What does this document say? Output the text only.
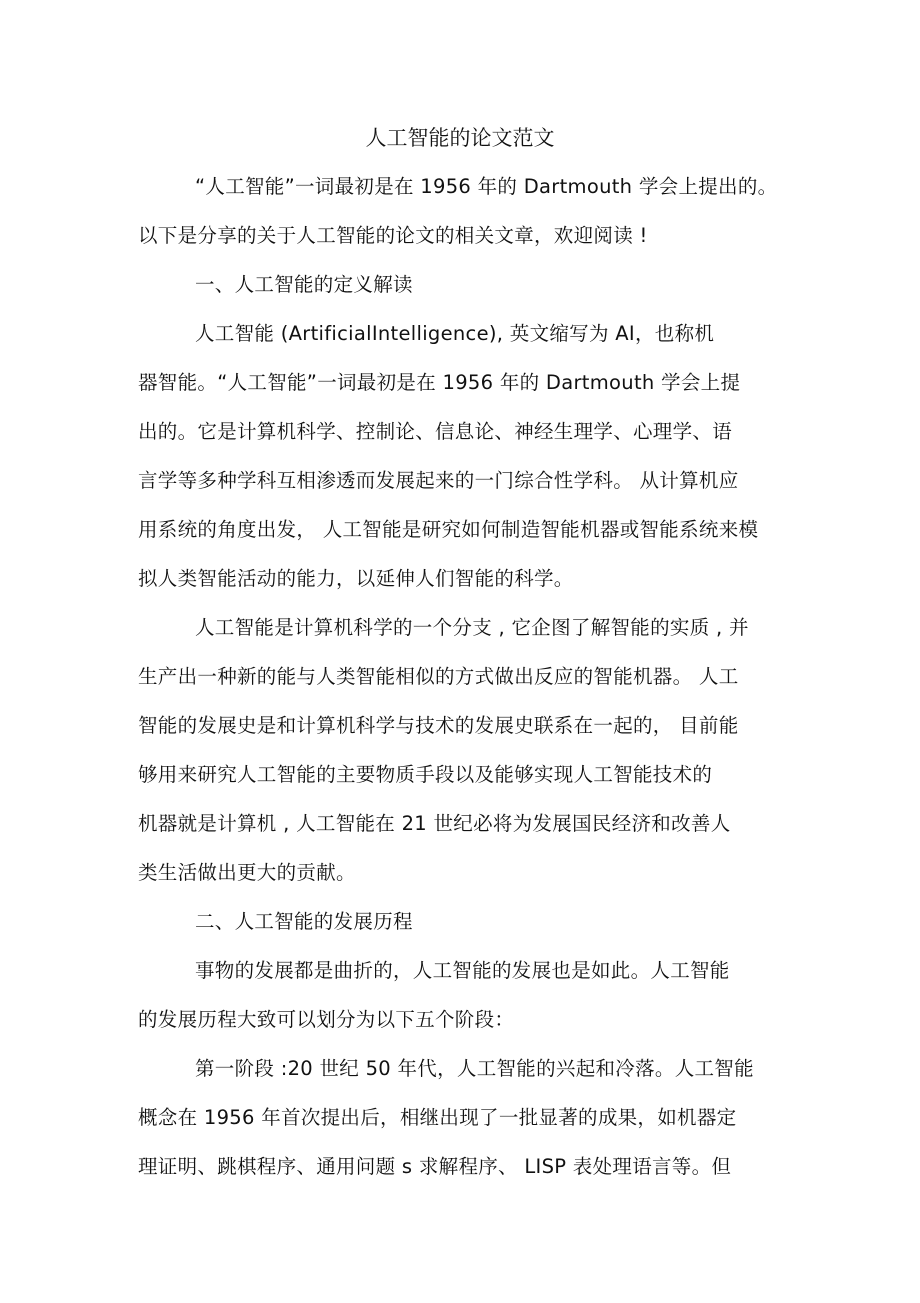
人工智能的论文范文
“人工智能”一词最初是在 1956 年的 Dartmouth 学会上提出的。
以下是分享的关于人工智能的论文的相关文章，欢迎阅读 !
一、人工智能的定义解读
人工智能 (ArtificialIntelligence), 英文缩写为 AI，也称机
器智能。“人工智能”一词最初是在 1956 年的 Dartmouth 学会上提
出的。它是计算机科学、控制论、信息论、神经生理学、心理学、语
言学等多种学科互相渗透而发展起来的一门综合性学科。 从计算机应
用系统的角度出发， 人工智能是研究如何制造智能机器或智能系统来模
拟人类智能活动的能力，以延伸人们智能的科学。
人工智能是计算机科学的一个分支 , 它企图了解智能的实质 , 并
生产出一种新的能与人类智能相似的方式做出反应的智能机器。 人工
智能的发展史是和计算机科学与技术的发展史联系在一起的， 目前能
够用来研究人工智能的主要物质手段以及能够实现人工智能技术的
机器就是计算机 , 人工智能在 21 世纪必将为发展国民经济和改善人
类生活做出更大的贡献。
二、人工智能的发展历程
事物的发展都是曲折的，人工智能的发展也是如此。人工智能
的发展历程大致可以划分为以下五个阶段：
第一阶段 :20 世纪 50 年代，人工智能的兴起和冷落。人工智能
概念在 1956 年首次提出后，相继出现了一批显著的成果，如机器定
理证明、跳棋程序、通用问题 s 求解程序、 LISP 表处理语言等。但
